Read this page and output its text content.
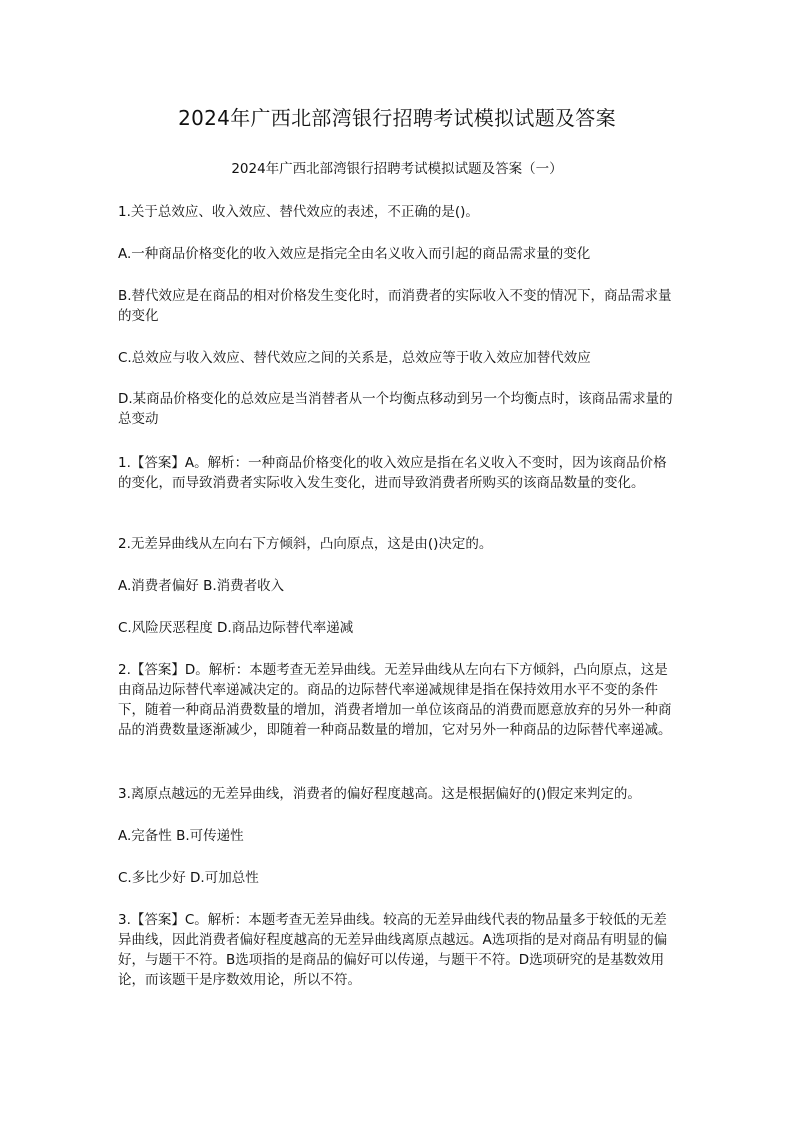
2024年广西北部湾银行招聘考试模拟试题及答案
2024年广西北部湾银行招聘考试模拟试题及答案（一）

1.关于总效应、收入效应、替代效应的表述，不正确的是()。

A.一种商品价格变化的收入效应是指完全由名义收入而引起的商品需求量的变化

B.替代效应是在商品的相对价格发生变化时，而消费者的实际收入不变的情况下，商品需求量的变化

C.总效应与收入效应、替代效应之间的关系是，总效应等于收入效应加替代效应

D.某商品价格变化的总效应是当消替者从一个均衡点移动到另一个均衡点时，该商品需求量的总变动

1.【答案】A。解析：一种商品价格变化的收入效应是指在名义收入不变时，因为该商品价格的变化，而导致消费者实际收入发生变化，进而导致消费者所购买的该商品数量的变化。

2.无差异曲线从左向右下方倾斜，凸向原点，这是由()决定的。

A.消费者偏好 B.消费者收入

C.风险厌恶程度 D.商品边际替代率递减

2.【答案】D。解析：本题考查无差异曲线。无差异曲线从左向右下方倾斜，凸向原点，这是由商品边际替代率递减决定的。商品的边际替代率递减规律是指在保持效用水平不变的条件下，随着一种商品消费数量的增加，消费者增加一单位该商品的消费而愿意放弃的另外一种商品的消费数量逐渐减少，即随着一种商品数量的增加，它对另外一种商品的边际替代率递减。

3.离原点越远的无差异曲线，消费者的偏好程度越高。这是根据偏好的()假定来判定的。

A.完备性 B.可传递性

C.多比少好 D.可加总性

3.【答案】C。解析：本题考查无差异曲线。较高的无差异曲线代表的物品量多于较低的无差异曲线，因此消费者偏好程度越高的无差异曲线离原点越远。A选项指的是对商品有明显的偏好，与题干不符。B选项指的是商品的偏好可以传递，与题干不符。D选项研究的是基数效用论，而该题干是序数效用论，所以不符。
